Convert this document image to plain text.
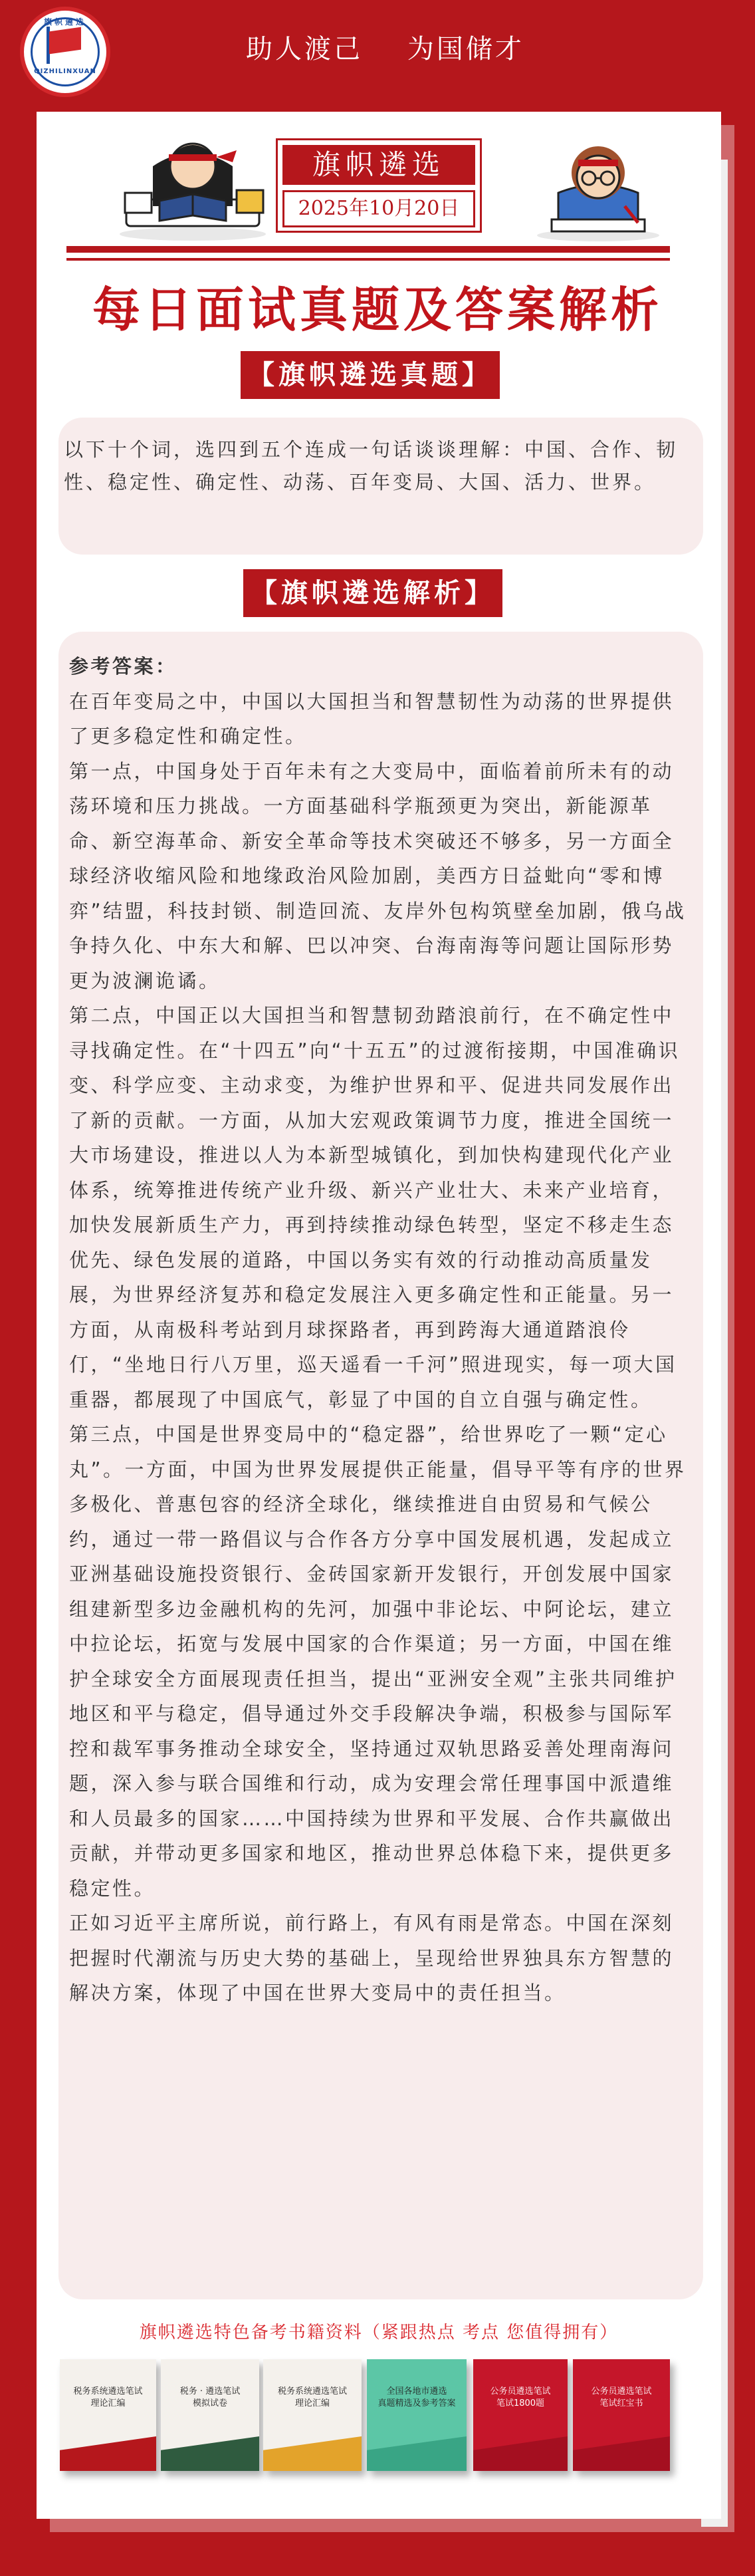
旗帜遴选
QIZHILINXUAN
助人渡己    为国储才
旗帜遴选
2025年10月20日
每日面试真题及答案解析
【旗帜遴选真题】
以下十个词，选四到五个连成一句话谈谈理解：中国、合作、韧性、稳定性、确定性、动荡、百年变局、大国、活力、世界。
【旗帜遴选解析】

参考答案：

在百年变局之中，中国以大国担当和智慧韧性为动荡的世界提供了更多稳定性和确定性。

第一点，中国身处于百年未有之大变局中，面临着前所未有的动荡环境和压力挑战。一方面基础科学瓶颈更为突出，新能源革命、新空海革命、新安全革命等技术突破还不够多，另一方面全球经济收缩风险和地缘政治风险加剧，美西方日益蚍向“零和博弈”结盟，科技封锁、制造回流、友岸外包构筑壁垒加剧，俄乌战争持久化、中东大和解、巴以冲突、台海南海等问题让国际形势更为波澜诡谲。

第二点，中国正以大国担当和智慧韧劲踏浪前行，在不确定性中寻找确定性。在“十四五”向“十五五”的过渡衔接期，中国准确识变、科学应变、主动求变，为维护世界和平、促进共同发展作出了新的贡献。一方面，从加大宏观政策调节力度，推进全国统一大市场建设，推进以人为本新型城镇化，到加快构建现代化产业体系，统筹推进传统产业升级、新兴产业壮大、未来产业培育，加快发展新质生产力，再到持续推动绿色转型，坚定不移走生态优先、绿色发展的道路，中国以务实有效的行动推动高质量发展，为世界经济复苏和稳定发展注入更多确定性和正能量。另一方面，从南极科考站到月球探路者，再到跨海大通道踏浪伶仃，“坐地日行八万里，巡天遥看一千河”照进现实，每一项大国重器，都展现了中国底气，彰显了中国的自立自强与确定性。

第三点，中国是世界变局中的“稳定器”，给世界吃了一颗“定心丸”。一方面，中国为世界发展提供正能量，倡导平等有序的世界多极化、普惠包容的经济全球化，继续推进自由贸易和气候公约，通过一带一路倡议与合作各方分享中国发展机遇，发起成立亚洲基础设施投资银行、金砖国家新开发银行，开创发展中国家组建新型多边金融机构的先河，加强中非论坛、中阿论坛，建立中拉论坛，拓宽与发展中国家的合作渠道；另一方面，中国在维护全球安全方面展现责任担当，提出“亚洲安全观”主张共同维护地区和平与稳定，倡导通过外交手段解决争端，积极参与国际军控和裁军事务推动全球安全，坚持通过双轨思路妥善处理南海问题，深入参与联合国维和行动，成为安理会常任理事国中派遣维和人员最多的国家……中国持续为世界和平发展、合作共赢做出贡献，并带动更多国家和地区，推动世界总体稳下来，提供更多稳定性。

正如习近平主席所说，前行路上，有风有雨是常态。中国在深刻把握时代潮流与历史大势的基础上，呈现给世界独具东方智慧的解决方案，体现了中国在世界大变局中的责任担当。

旗帜遴选特色备考书籍资料（紧跟热点 考点 您值得拥有）
税务系统遴选笔试
理论汇编
税务 · 遴选笔试
模拟试卷
税务系统遴选笔试
理论汇编
全国各地市遴选
真题精选及参考答案
公务员遴选笔试
笔试1800题
公务员遴选笔试
笔试红宝书
